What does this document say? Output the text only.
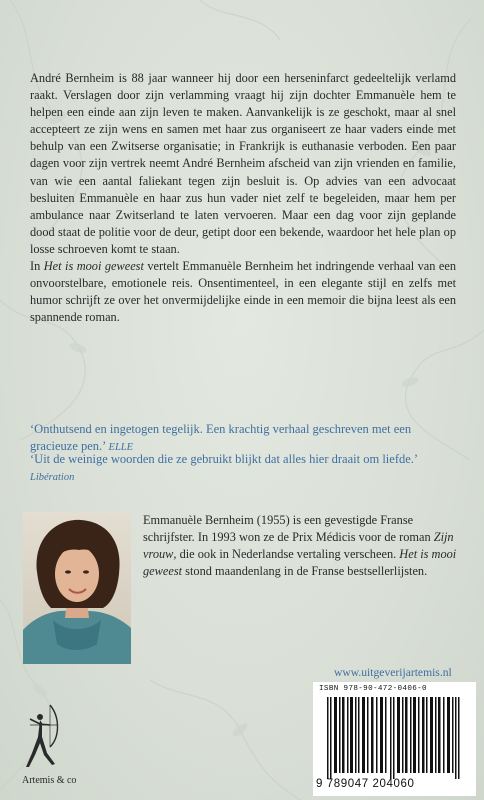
André Bernheim is 88 jaar wanneer hij door een herseninfarct gedeeltelijk verlamd raakt. Verslagen door zijn verlamming vraagt hij zijn dochter Emmanuèle hem te helpen een einde aan zijn leven te maken. Aanvankelijk is ze geschokt, maar al snel accepteert ze zijn wens en samen met haar zus organiseert ze haar vaders einde met behulp van een Zwitserse organisatie; in Frankrijk is euthanasie verboden. Een paar dagen voor zijn vertrek neemt André Bernheim afscheid van zijn vrienden en familie, van wie een aantal faliekant tegen zijn besluit is. Op advies van een advocaat besluiten Emmanuèle en haar zus hun vader niet zelf te begeleiden, maar hem per ambulance naar Zwitserland te laten vervoeren. Maar een dag voor zijn geplande dood staat de politie voor de deur, getipt door een bekende, waardoor het hele plan op losse schroeven komt te staan.

In Het is mooi geweest vertelt Emmanuèle Bernheim het indringende verhaal van een onvoorstelbare, emotionele reis. Onsentimenteel, in een elegante stijl en zelfs met humor schrijft ze over het onvermijdelijke einde in een memoir die bijna leest als een spannende roman.

‘Onthutsend en ingetogen tegelijk. Een krachtig verhaal geschreven met een gracieuze pen.’ ELLE

‘Uit de weinige woorden die ze gebruikt blijkt dat alles hier draait om liefde.’ Libération

Emmanuèle Bernheim (1955) is een gevestigde Franse schrijfster. In 1993 won ze de Prix Médicis voor de roman Zijn vrouw, die ook in Nederlandse vertaling verscheen. Het is mooi geweest stond maandenlang in de Franse bestsellerlijsten.

www.uitgeverijartemis.nl

ISBN 978-90-472-0406-0

9 789047 204060

Artemis & co
